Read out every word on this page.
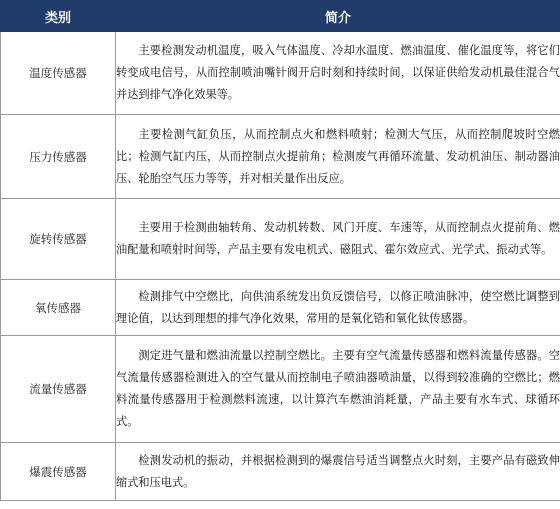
类别	简介
温度传感器	主要检测发动机温度，吸入气体温度、冷却水温度、燃油温度、催化温度等，将它们转变成电信号，从而控制喷油嘴针阀开启时刻和持续时间，以保证供给发动机最佳混合气并达到排气净化效果等。

压力传感器	主要检测气缸负压，从而控制点火和燃料喷射；检测大气压，从而控制爬坡时空燃比；检测气缸内压，从而控制点火提前角；检测废气再循环流量、发动机油压、制动器油压、轮胎空气压力等等，并对相关量作出反应。

旋转传感器	主要用于检测曲轴转角、发动机转数、风门开度、车速等，从而控制点火提前角、燃油配量和喷射时间等，产品主要有发电机式、磁阻式、霍尔效应式、光学式、振动式等。

氧传感器	检测排气中空燃比，向供油系统发出负反馈信号，以修正喷油脉冲，使空燃比调整到理论值，以达到理想的排气净化效果，常用的是氧化锆和氧化钛传感器。

流量传感器	测定进气量和燃油流量以控制空燃比。主要有空气流量传感器和燃料流量传感器。空气流量传感器检测进入的空气量从而控制电子喷油器喷油量，以得到较准确的空燃比；燃料流量传感器用于检测燃料流速，以计算汽车燃油消耗量，产品主要有水车式、球循环式。

爆震传感器	检测发动机的振动，并根据检测到的爆震信号适当调整点火时刻，主要产品有磁致伸缩式和压电式。
